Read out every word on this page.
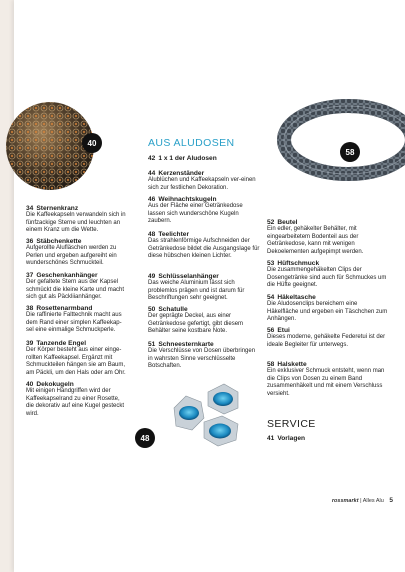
40
58
48
34 Sternenkranz
Die Kaffeekapseln verwandeln sich in fünfzackige Sterne und leuchten an einem Kranz um die Wette.
36 Stäbchenkette
Aufgerollte Alufläschen werden zu Perlen und ergeben aufgereiht ein wunderschönes Schmuckteil.
37 Geschenkanhänger
Der gefaltete Stern aus der Kapsel schmückt die kleine Karte und macht sich gut als Päckliianhänger.
38 Rosettenarmband
Die raffinierte Falttechnik macht aus dem Rand einer simplen Kaffeekap-sel eine einmalige Schmuckperle.
39 Tanzende Engel
Der Körper besteht aus einer einge-rollten Kaffeekapsel. Ergänzt mit Schmuckteilen hängen sie am Baum, am Päckli, um den Hals oder am Ohr.
40 Dekokugeln
Mit einigen Handgriffen wird der Kaffeekapselrand zu einer Rosette, die dekorativ auf eine Kugel gesteckt wird.
AUS ALUDOSEN
42 1 x 1 der Aludosen
44 Kerzenständer
Alublüchen und Kaffeekapseln ver-einen sich zur festlichen Dekoration.
46 Weihnachtskugeln
Aus der Fläche einer Getränkedose lassen sich wunderschöne Kugeln zaubern.
48 Teelichter
Das strahlenförmige Aufschneiden der Getränkedose bildet die Ausgangslage für diese hübschen kleinen Lichter.
49 Schlüsselanhänger
Das weiche Aluminium lässt sich problemlos prägen und ist darum für Beschriftungen sehr geeignet.
50 Schatulle
Der geprägte Deckel, aus einer Getränkedose gefertigt, gibt diesem Behälter seine kostbare Note.
51 Schneesternkarte
Die Verschlüsse von Dosen überbringen in wahrsten Sinne verschlüsselte Botschaften.
52 Beutel
Ein edler, gehäkelter Behälter, mit eingearbeitetem Bodenteil aus der Getränkedose, kann mit wenigen Dekoelementen aufgepimpt werden.
53 Hüftschmuck
Die zusammengehäkelten Clips der Dosengetränke sind auch für Schmuckes um die Hüfte geeignet.
54 Häkeltasche
Die Aludosenclips bereichern eine Häkelfläche und ergeben ein Täschchen zum Anhängen.
56 Etui
Dieses moderne, gehäkelte Federetui ist der ideale Begleiter für unterwegs.
58 Halskette
Ein exklusiver Schmuck entsteht, wenn man die Clips von Dosen zu einem Band zusammenhäkelt und mit einem Verschluss versieht.
SERVICE
41 Vorlagen
rossmarkt | Alles Alu 5
